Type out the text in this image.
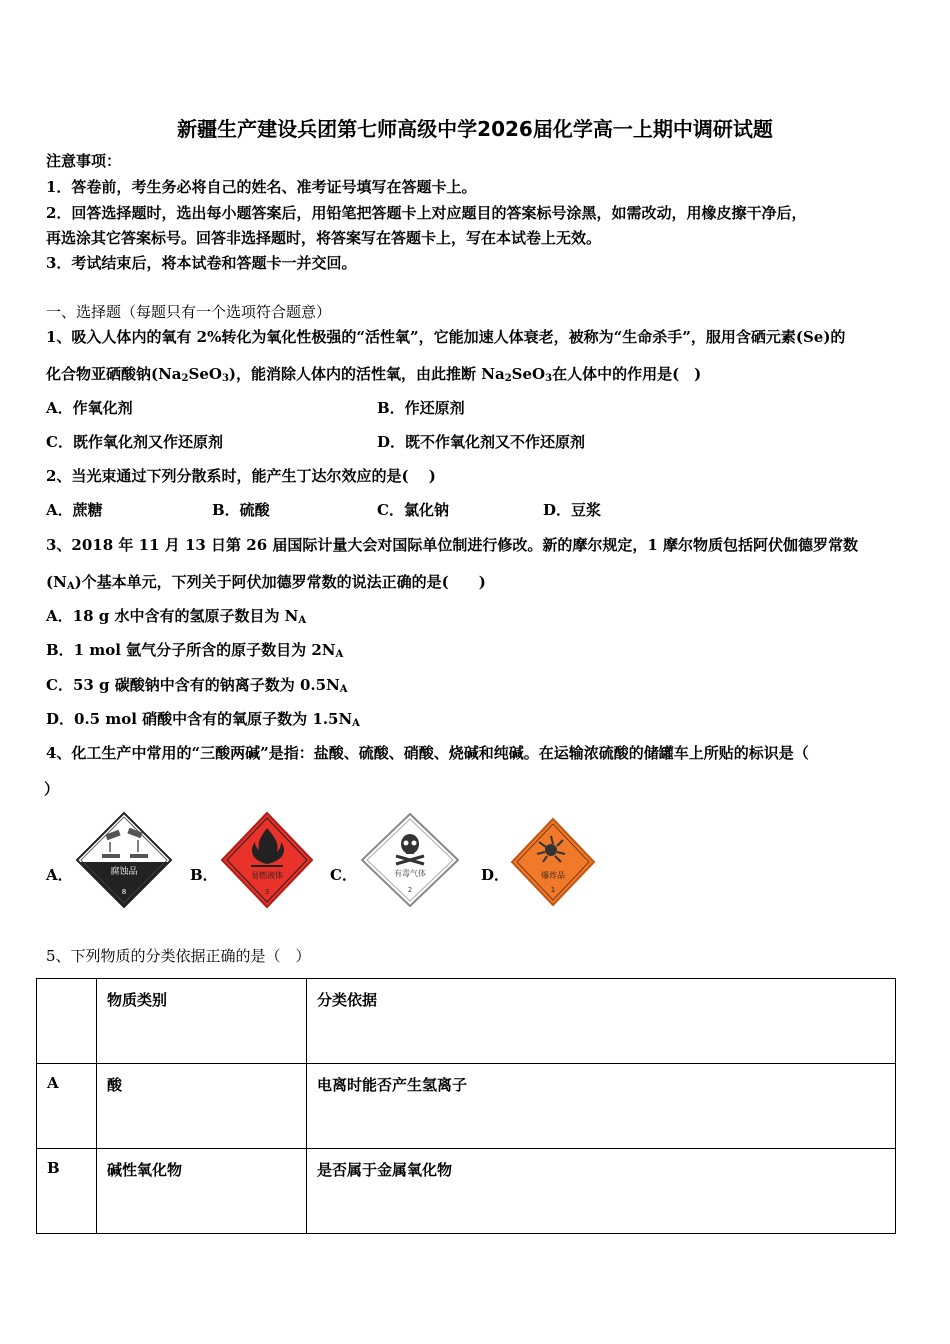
新疆生产建设兵团第七师高级中学2026届化学高一上期中调研试题
注意事项：
1．答卷前，考生务必将自己的姓名、准考证号填写在答题卡上。
2．回答选择题时，选出每小题答案后，用铅笔把答题卡上对应题目的答案标号涂黑，如需改动，用橡皮擦干净后，
再选涂其它答案标号。回答非选择题时，将答案写在答题卡上，写在本试卷上无效。
3．考试结束后，将本试卷和答题卡一并交回。
一、选择题（每题只有一个选项符合题意）
1、吸入人体内的氧有 2%转化为氧化性极强的“活性氧”，它能加速人体衰老，被称为“生命杀手”，服用含硒元素(Se)的
化合物亚硒酸钠$(Na_2SeO_3)$，能消除人体内的活性氧，由此推断 $Na_2SeO_3$在人体中的作用是(　)
A．作氧化剂	B．作还原剂
C．既作氧化剂又作还原剂	D．既不作氧化剂又不作还原剂
2、当光束通过下列分散系时，能产生丁达尔效应的是(　 )
A．蔗糖	B．硫酸	C．氯化钠	D．豆浆
3、2018 年 11 月 13 日第 26 届国际计量大会对国际单位制进行修改。新的摩尔规定，1 摩尔物质包括阿伏伽德罗常数
$(N_A)$个基本单元，下列关于阿伏加德罗常数的说法正确的是(　　)
A．18 g 水中含有的氢原子数目为 $N_A$
B．1 mol 氩气分子所含的原子数目为 $2N_A$
C．53 g 碳酸钠中含有的钠离子数为 $0.5N_A$
D．0.5 mol 硝酸中含有的氧原子数为 $1.5N_A$
4、化工生产中常用的“三酸两碱”是指：盐酸、硫酸、硝酸、烧碱和纯碱。在运输浓硫酸的储罐车上所贴的标识是（
）
A．	B．	C．	D．
腐蚀品
8
易燃液体
3
有毒气体
2
爆炸品
1
5、下列物质的分类依据正确的是（　）
	物质类别	分类依据
A	酸	电离时能否产生氢离子
B	碱性氧化物	是否属于金属氧化物
